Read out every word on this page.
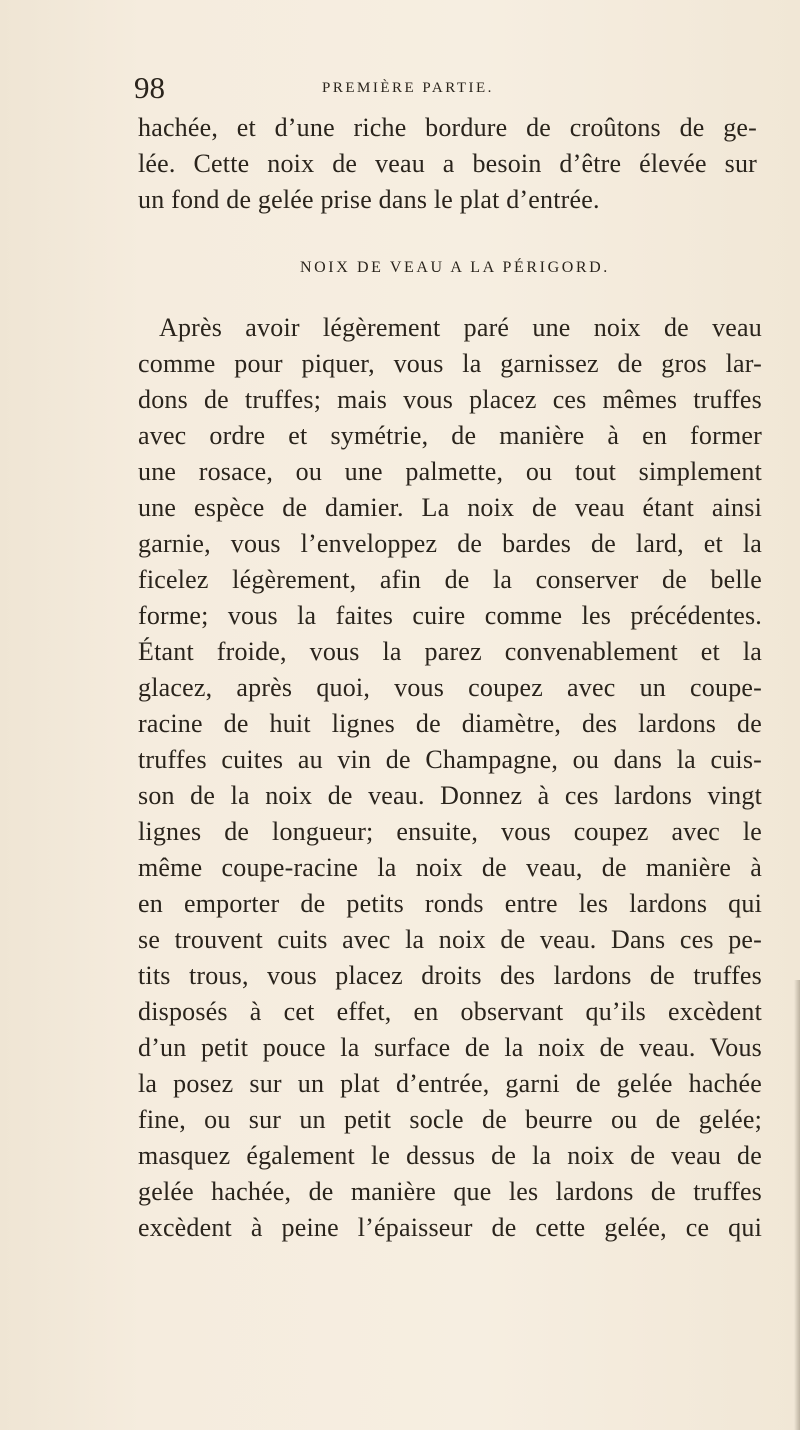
98	PREMIÈRE PARTIE.
hachée, et d’une riche bordure de croûtons de ge-
lée. Cette noix de veau a besoin d’être élevée sur
un fond de gelée prise dans le plat d’entrée.
NOIX DE VEAU A LA PÉRIGORD.
Après avoir légèrement paré une noix de veau
comme pour piquer, vous la garnissez de gros lar-
dons de truffes; mais vous placez ces mêmes truffes
avec ordre et symétrie, de manière à en former
une rosace, ou une palmette, ou tout simplement
une espèce de damier. La noix de veau étant ainsi
garnie, vous l’enveloppez de bardes de lard, et la
ficelez légèrement, afin de la conserver de belle
forme; vous la faites cuire comme les précédentes.
Étant froide, vous la parez convenablement et la
glacez, après quoi, vous coupez avec un coupe-
racine de huit lignes de diamètre, des lardons de
truffes cuites au vin de Champagne, ou dans la cuis-
son de la noix de veau. Donnez à ces lardons vingt
lignes de longueur; ensuite, vous coupez avec le
même coupe-racine la noix de veau, de manière à
en emporter de petits ronds entre les lardons qui
se trouvent cuits avec la noix de veau. Dans ces pe-
tits trous, vous placez droits des lardons de truffes
disposés à cet effet, en observant qu’ils excèdent
d’un petit pouce la surface de la noix de veau. Vous
la posez sur un plat d’entrée, garni de gelée hachée
fine, ou sur un petit socle de beurre ou de gelée;
masquez également le dessus de la noix de veau de
gelée hachée, de manière que les lardons de truffes
excèdent à peine l’épaisseur de cette gelée, ce qui
